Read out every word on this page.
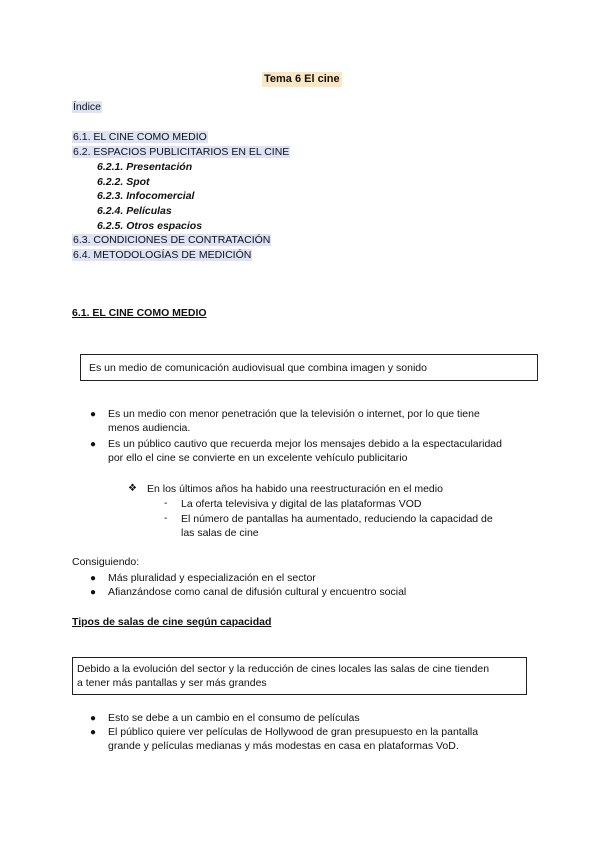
Tema 6 El cine
Índice
6.1. EL CINE COMO MEDIO
6.2. ESPACIOS PUBLICITARIOS EN EL CINE
6.2.1. Presentación
6.2.2. Spot
6.2.3. Infocomercial
6.2.4. Películas
6.2.5. Otros espacios
6.3. CONDICIONES DE CONTRATACIÓN
6.4. METODOLOGÍAS DE MEDICIÓN
6.1. EL CINE COMO MEDIO
Es un medio de comunicación audiovisual que combina imagen y sonido
● Es un medio con menor penetración que la televisión o internet, por lo que tiene
menos audiencia.
● Es un público cautivo que recuerda mejor los mensajes debido a la espectacularidad
por ello el cine se convierte en un excelente vehículo publicitario
❖ En los últimos años ha habido una reestructuración en el medio
- La oferta televisiva y digital de las plataformas VOD
- El número de pantallas ha aumentado, reduciendo la capacidad de
las salas de cine
Consiguiendo:
● Más pluralidad y especialización en el sector
● Afianzándose como canal de difusión cultural y encuentro social
Tipos de salas de cine según capacidad
Debido a la evolución del sector y la reducción de cines locales las salas de cine tienden
a tener más pantallas y ser más grandes
● Esto se debe a un cambio en el consumo de películas
● El público quiere ver películas de Hollywood de gran presupuesto en la pantalla
grande y películas medianas y más modestas en casa en plataformas VoD.
